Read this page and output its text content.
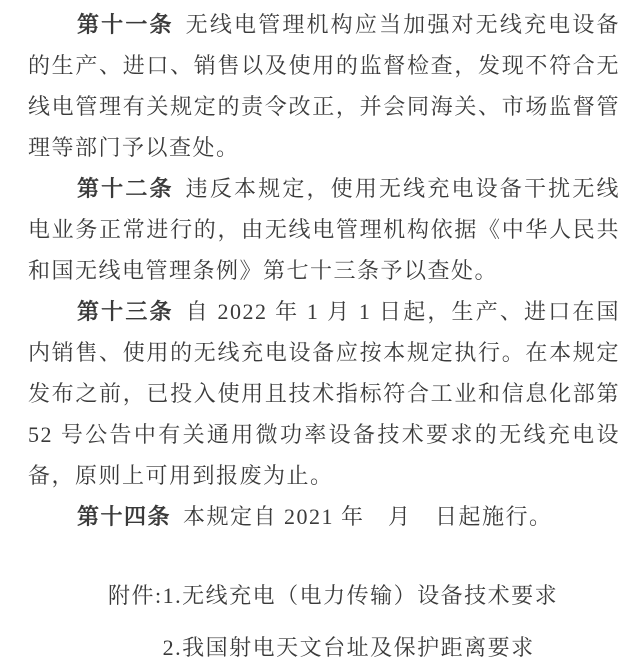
第十一条 无线电管理机构应当加强对无线充电设备的生产、进口、销售以及使用的监督检查，发现不符合无线电管理有关规定的责令改正，并会同海关、市场监督管理等部门予以查处。

第十二条 违反本规定，使用无线充电设备干扰无线电业务正常进行的，由无线电管理机构依据《中华人民共和国无线电管理条例》第七十三条予以查处。

第十三条 自 2022 年 1 月 1 日起，生产、进口在国内销售、使用的无线充电设备应按本规定执行。在本规定发布之前，已投入使用且技术指标符合工业和信息化部第 52 号公告中有关通用微功率设备技术要求的无线充电设备，原则上可用到报废为止。

第十四条 本规定自 2021 年　月　日起施行。

附件: 1.无线充电（电力传输）设备技术要求
2.我国射电天文台址及保护距离要求
